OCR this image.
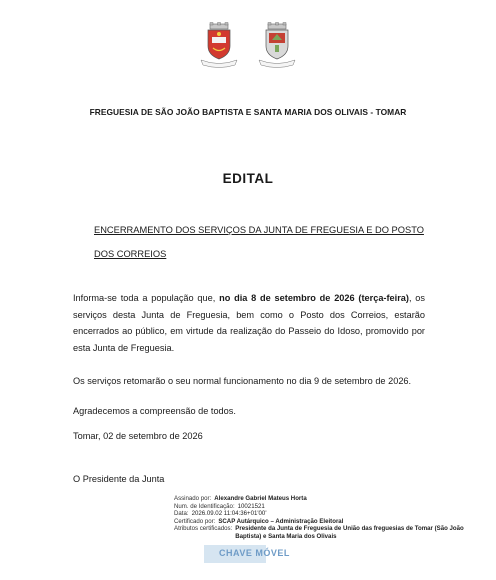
FREGUESIA DE SÃO JOÃO BAPTISTA E SANTA MARIA DOS OLIVAIS - TOMAR
EDITAL
ENCERRAMENTO DOS SERVIÇOS DA JUNTA DE FREGUESIA E DO POSTO DOS CORREIOS
Informa-se toda a população que, no dia 8 de setembro de 2026 (terça-feira), os serviços desta Junta de Freguesia, bem como o Posto dos Correios, estarão encerrados ao público, em virtude da realização do Passeio do Idoso, promovido por esta Junta de Freguesia.
Os serviços retomarão o seu normal funcionamento no dia 9 de setembro de 2026.
Agradecemos a compreensão de todos.
Tomar, 02 de setembro de 2026
O Presidente da Junta
CHAVE MÓVEL
Assinado por: Alexandre Gabriel Mateus Horta
Num. de Identificação: 10021521
Data: 2026.09.02 11:04:36+01'00'
Certificado por: SCAP Autárquico – Administração Eleitoral
Atributos certificados: Presidente da Junta de Freguesia de União das freguesias de Tomar (São João Baptista) e Santa Maria dos Olivais
